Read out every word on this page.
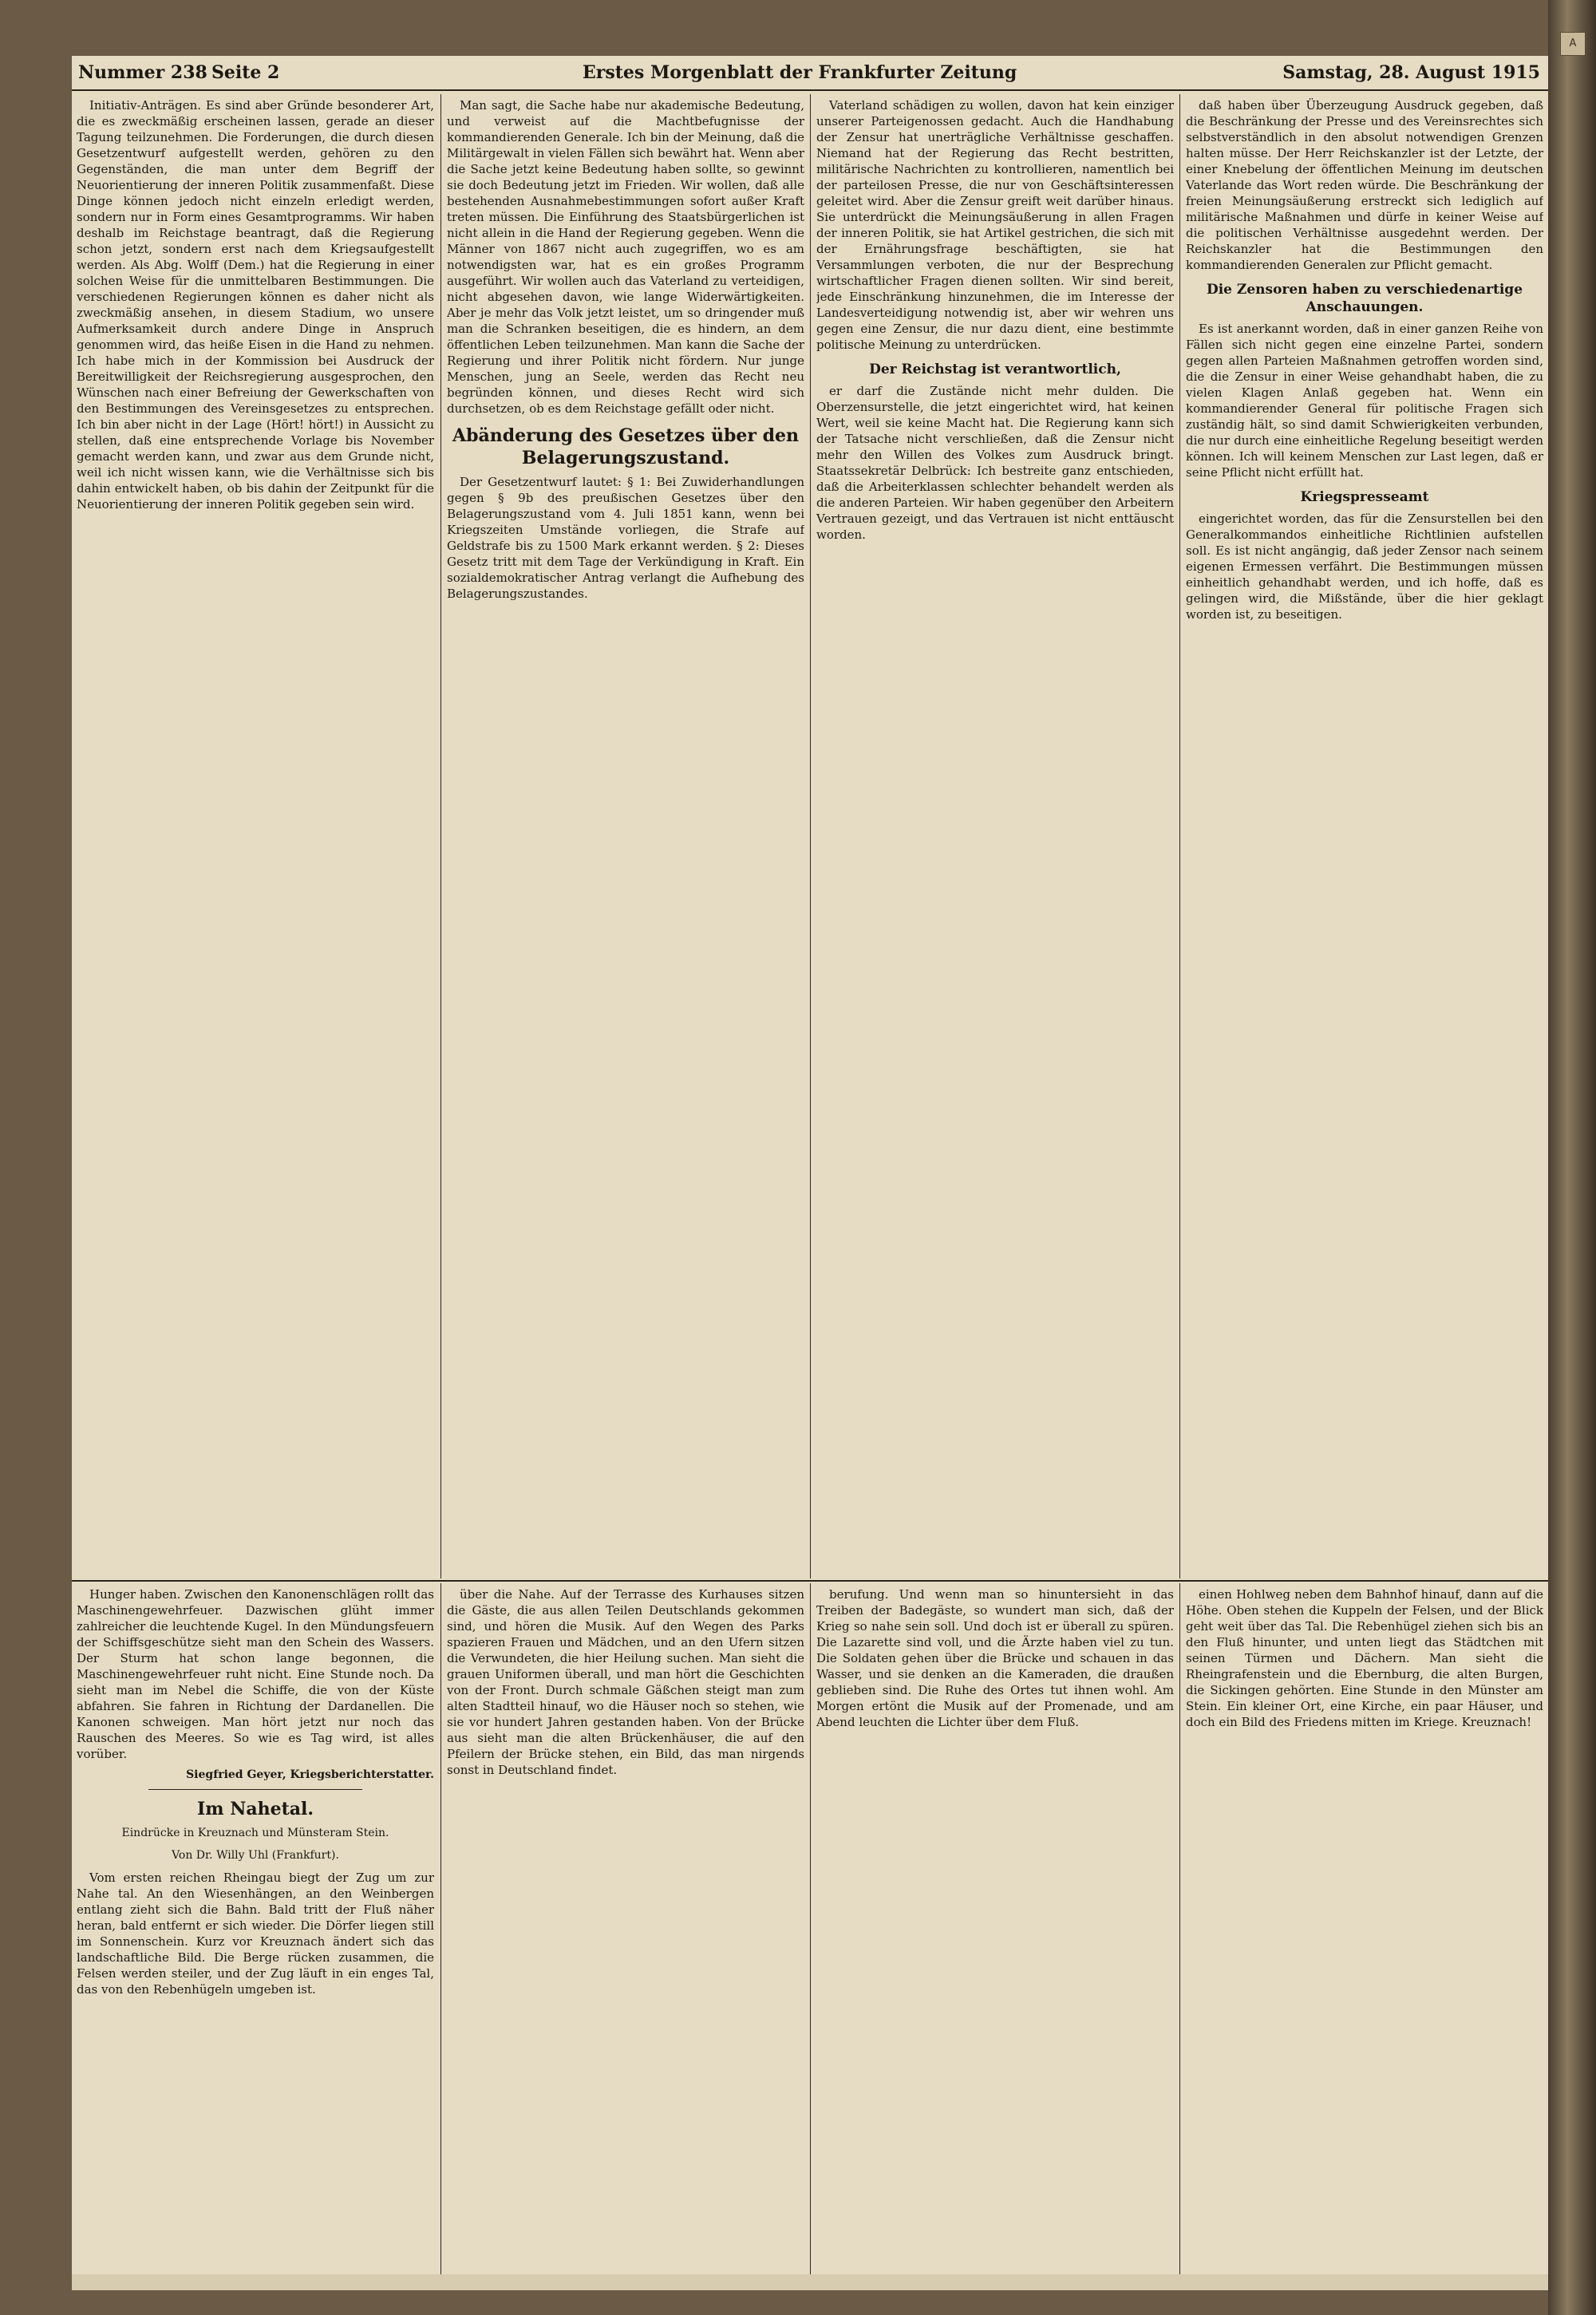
A
Nummer 238 Seite 2	Erstes Morgenblatt der Frankfurter Zeitung	Samstag, 28. August 1915

Initiativ-Anträgen. Es sind aber Gründe besonderer Art, die es zweckmäßig erscheinen lassen, gerade an dieser Tagung teilzunehmen. Die Forderungen, die durch diesen Gesetzentwurf aufgestellt werden, gehören zu den Gegenständen, die man unter dem Begriff der Neuorientierung der inneren Politik zusammenfaßt. Diese Dinge können jedoch nicht einzeln erledigt werden, sondern nur in Form eines Gesamtprogramms. Wir haben deshalb im Reichstage beantragt, daß die Regierung schon jetzt, sondern erst nach dem Kriegsaufgestellt werden. Als Abg. Wolff (Dem.) hat die Regierung in einer solchen Weise für die unmittelbaren Bestimmungen. Die verschiedenen Regierungen können es daher nicht als zweckmäßig ansehen, in diesem Stadium, wo unsere Aufmerksamkeit durch andere Dinge in Anspruch genommen wird, das heiße Eisen in die Hand zu nehmen. Ich habe mich in der Kommission bei Ausdruck der Bereitwilligkeit der Reichsregierung ausgesprochen, den Wünschen nach einer Befreiung der Gewerkschaften von den Bestimmungen des Vereinsgesetzes zu entsprechen. Ich bin aber nicht in der Lage (Hört! hört!) in Aussicht zu stellen, daß eine entsprechende Vorlage bis November gemacht werden kann, und zwar aus dem Grunde nicht, weil ich nicht wissen kann, wie die Verhältnisse sich bis dahin entwickelt haben, ob bis dahin der Zeitpunkt für die Neuorientierung der inneren Politik gegeben sein wird.

Man sagt, die Sache habe nur akademische Bedeutung, und verweist auf die Machtbefugnisse der kommandierenden Generale. Ich bin der Meinung, daß die Militärgewalt in vielen Fällen sich bewährt hat. Wenn aber die Sache jetzt keine Bedeutung haben sollte, so gewinnt sie doch Bedeutung jetzt im Frieden. Wir wollen, daß alle bestehenden Ausnahmebestimmungen sofort außer Kraft treten müssen. Die Einführung des Staatsbürgerlichen ist nicht allein in die Hand der Regierung gegeben. Wenn die Männer von 1867 nicht auch zugegriffen, wo es am notwendigsten war, hat es ein großes Programm ausgeführt. Wir wollen auch das Vaterland zu verteidigen, nicht abgesehen davon, wie lange Widerwärtigkeiten. Aber je mehr das Volk jetzt leistet, um so dringender muß man die Schranken beseitigen, die es hindern, an dem öffentlichen Leben teilzunehmen. Man kann die Sache der Regierung und ihrer Politik nicht fördern. Nur junge Menschen, jung an Seele, werden das Recht neu begründen können, und dieses Recht wird sich durchsetzen, ob es dem Reichstage gefällt oder nicht.

Abänderung des Gesetzes über den Belagerungszustand.

Der Gesetzentwurf lautet: § 1: Bei Zuwiderhandlungen gegen § 9b des preußischen Gesetzes über den Belagerungszustand vom 4. Juli 1851 kann, wenn bei Kriegszeiten Umstände vorliegen, die Strafe auf Geldstrafe bis zu 1500 Mark erkannt werden. § 2: Dieses Gesetz tritt mit dem Tage der Verkündigung in Kraft. Ein sozialdemokratischer Antrag verlangt die Aufhebung des Belagerungszustandes.

Vaterland schädigen zu wollen, davon hat kein einziger unserer Parteigenossen gedacht. Auch die Handhabung der Zensur hat unerträgliche Verhältnisse geschaffen. Niemand hat der Regierung das Recht bestritten, militärische Nachrichten zu kontrollieren, namentlich bei der parteilosen Presse, die nur von Geschäftsinteressen geleitet wird. Aber die Zensur greift weit darüber hinaus. Sie unterdrückt die Meinungsäußerung in allen Fragen der inneren Politik, sie hat Artikel gestrichen, die sich mit der Ernährungsfrage beschäftigten, sie hat Versammlungen verboten, die nur der Besprechung wirtschaftlicher Fragen dienen sollten. Wir sind bereit, jede Einschränkung hinzunehmen, die im Interesse der Landesverteidigung notwendig ist, aber wir wehren uns gegen eine Zensur, die nur dazu dient, eine bestimmte politische Meinung zu unterdrücken.

Der Reichstag ist verantwortlich,

er darf die Zustände nicht mehr dulden. Die Oberzensurstelle, die jetzt eingerichtet wird, hat keinen Wert, weil sie keine Macht hat. Die Regierung kann sich der Tatsache nicht verschließen, daß die Zensur nicht mehr den Willen des Volkes zum Ausdruck bringt. Staatssekretär Delbrück: Ich bestreite ganz entschieden, daß die Arbeiterklassen schlechter behandelt werden als die anderen Parteien. Wir haben gegenüber den Arbeitern Vertrauen gezeigt, und das Vertrauen ist nicht enttäuscht worden.

daß haben über Überzeugung Ausdruck gegeben, daß die Beschränkung der Presse und des Vereinsrechtes sich selbstverständlich in den absolut notwendigen Grenzen halten müsse. Der Herr Reichskanzler ist der Letzte, der einer Knebelung der öffentlichen Meinung im deutschen Vaterlande das Wort reden würde. Die Beschränkung der freien Meinungsäußerung erstreckt sich lediglich auf militärische Maßnahmen und dürfe in keiner Weise auf die politischen Verhältnisse ausgedehnt werden. Der Reichskanzler hat die Bestimmungen den kommandierenden Generalen zur Pflicht gemacht.

Die Zensoren haben zu verschiedenartige Anschauungen.

Es ist anerkannt worden, daß in einer ganzen Reihe von Fällen sich nicht gegen eine einzelne Partei, sondern gegen allen Parteien Maßnahmen getroffen worden sind, die die Zensur in einer Weise gehandhabt haben, die zu vielen Klagen Anlaß gegeben hat. Wenn ein kommandierender General für politische Fragen sich zuständig hält, so sind damit Schwierigkeiten verbunden, die nur durch eine einheitliche Regelung beseitigt werden können. Ich will keinem Menschen zur Last legen, daß er seine Pflicht nicht erfüllt hat.

Kriegspresseamt

eingerichtet worden, das für die Zensurstellen bei den Generalkommandos einheitliche Richtlinien aufstellen soll. Es ist nicht angängig, daß jeder Zensor nach seinem eigenen Ermessen verfährt. Die Bestimmungen müssen einheitlich gehandhabt werden, und ich hoffe, daß es gelingen wird, die Mißstände, über die hier geklagt worden ist, zu beseitigen.

Hunger haben. Zwischen den Kanonenschlägen rollt das Maschinengewehrfeuer. Dazwischen glüht immer zahlreicher die leuchtende Kugel. In den Mündungsfeuern der Schiffsgeschütze sieht man den Schein des Wassers. Der Sturm hat schon lange begonnen, die Maschinengewehrfeuer ruht nicht. Eine Stunde noch. Da sieht man im Nebel die Schiffe, die von der Küste abfahren. Sie fahren in Richtung der Dardanellen. Die Kanonen schweigen. Man hört jetzt nur noch das Rauschen des Meeres. So wie es Tag wird, ist alles vorüber.

Siegfried Geyer, Kriegsberichterstatter.
Im Nahetal.
Eindrücke in Kreuznach und Münsteram Stein.
Von Dr. Willy Uhl (Frankfurt).

Vom ersten reichen Rheingau biegt der Zug um zur Nahe tal. An den Wiesenhängen, an den Weinbergen entlang zieht sich die Bahn. Bald tritt der Fluß näher heran, bald entfernt er sich wieder. Die Dörfer liegen still im Sonnenschein. Kurz vor Kreuznach ändert sich das landschaftliche Bild. Die Berge rücken zusammen, die Felsen werden steiler, und der Zug läuft in ein enges Tal, das von den Rebenhügeln umgeben ist.

über die Nahe. Auf der Terrasse des Kurhauses sitzen die Gäste, die aus allen Teilen Deutschlands gekommen sind, und hören die Musik. Auf den Wegen des Parks spazieren Frauen und Mädchen, und an den Ufern sitzen die Verwundeten, die hier Heilung suchen. Man sieht die grauen Uniformen überall, und man hört die Geschichten von der Front. Durch schmale Gäßchen steigt man zum alten Stadtteil hinauf, wo die Häuser noch so stehen, wie sie vor hundert Jahren gestanden haben. Von der Brücke aus sieht man die alten Brückenhäuser, die auf den Pfeilern der Brücke stehen, ein Bild, das man nirgends sonst in Deutschland findet.

berufung. Und wenn man so hinuntersieht in das Treiben der Badegäste, so wundert man sich, daß der Krieg so nahe sein soll. Und doch ist er überall zu spüren. Die Lazarette sind voll, und die Ärzte haben viel zu tun. Die Soldaten gehen über die Brücke und schauen in das Wasser, und sie denken an die Kameraden, die draußen geblieben sind. Die Ruhe des Ortes tut ihnen wohl. Am Morgen ertönt die Musik auf der Promenade, und am Abend leuchten die Lichter über dem Fluß.

einen Hohlweg neben dem Bahnhof hinauf, dann auf die Höhe. Oben stehen die Kuppeln der Felsen, und der Blick geht weit über das Tal. Die Rebenhügel ziehen sich bis an den Fluß hinunter, und unten liegt das Städtchen mit seinen Türmen und Dächern. Man sieht die Rheingrafenstein und die Ebernburg, die alten Burgen, die Sickingen gehörten. Eine Stunde in den Münster am Stein. Ein kleiner Ort, eine Kirche, ein paar Häuser, und doch ein Bild des Friedens mitten im Kriege. Kreuznach!
